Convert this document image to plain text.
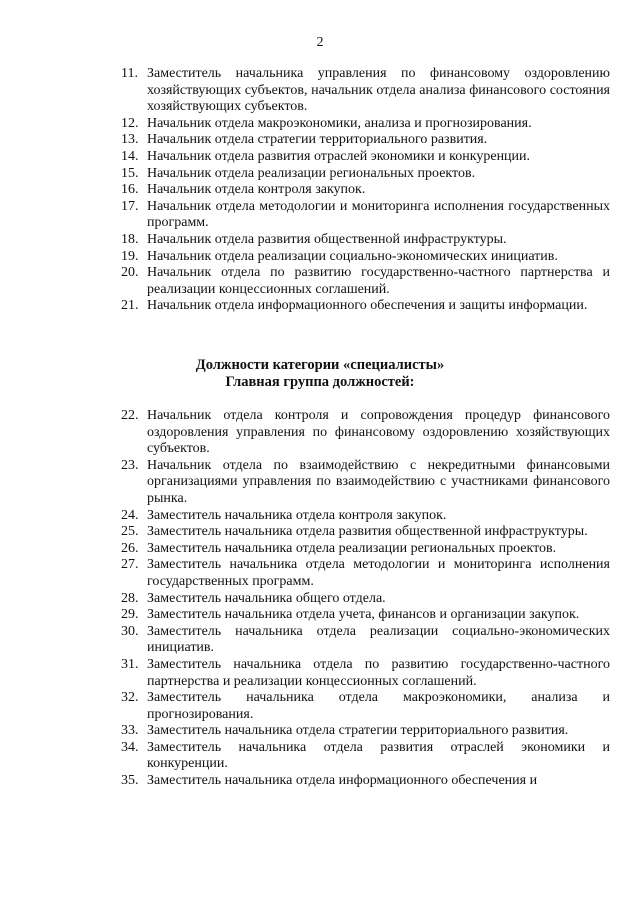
2
11. Заместитель начальника управления по финансовому оздоровлению хозяйствующих субъектов, начальник отдела анализа финансового состояния хозяйствующих субъектов.
12. Начальник отдела макроэкономики, анализа и прогнозирования.
13. Начальник отдела стратегии территориального развития.
14. Начальник отдела развития отраслей экономики и конкуренции.
15. Начальник отдела реализации региональных проектов.
16. Начальник отдела контроля закупок.
17. Начальник отдела методологии и мониторинга исполнения государственных программ.
18. Начальник отдела развития общественной инфраструктуры.
19. Начальник отдела реализации социально-экономических инициатив.
20. Начальник отдела по развитию государственно-частного партнерства и реализации концессионных соглашений.
21. Начальник отдела информационного обеспечения и защиты информации.
Должности категории «специалисты»
Главная группа должностей:
22. Начальник отдела контроля и сопровождения процедур финансового оздоровления управления по финансовому оздоровлению хозяйствующих субъектов.
23. Начальник отдела по взаимодействию с некредитными финансовыми организациями управления по взаимодействию с участниками финансового рынка.
24. Заместитель начальника отдела контроля закупок.
25. Заместитель начальника отдела развития общественной инфраструктуры.
26. Заместитель начальника отдела реализации региональных проектов.
27. Заместитель начальника отдела методологии и мониторинга исполнения государственных программ.
28. Заместитель начальника общего отдела.
29. Заместитель начальника отдела учета, финансов и организации закупок.
30. Заместитель начальника отдела реализации социально-экономических инициатив.
31. Заместитель начальника отдела по развитию государственно-частного партнерства и реализации концессионных соглашений.
32. Заместитель начальника отдела макроэкономики, анализа и прогнозирования.
33. Заместитель начальника отдела стратегии территориального развития.
34. Заместитель начальника отдела развития отраслей экономики и конкуренции.
35. Заместитель начальника отдела информационного обеспечения и
